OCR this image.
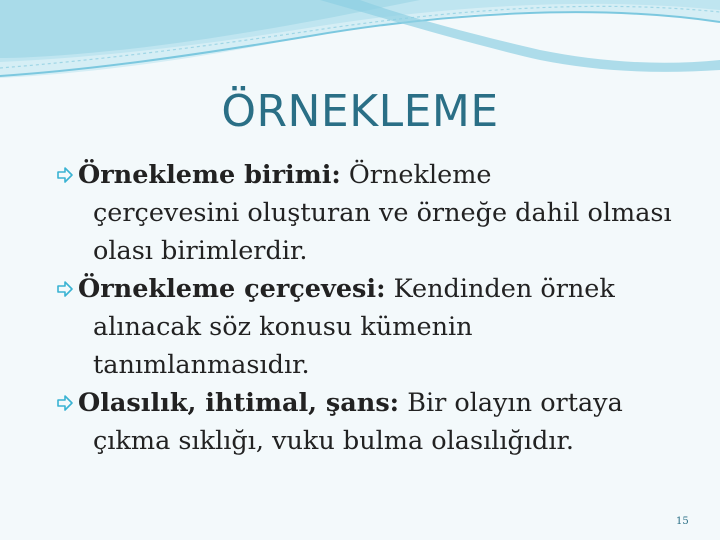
ÖRNEKLEME
Örnekleme birimi: Örnekleme
çerçevesini oluşturan ve örneğe dahil olması
olası birimlerdir.
Örnekleme çerçevesi: Kendinden örnek
alınacak söz konusu kümenin
tanımlanmasıdır.
Olasılık, ihtimal, şans: Bir olayın ortaya
çıkma sıklığı, vuku bulma olasılığıdır.
15
